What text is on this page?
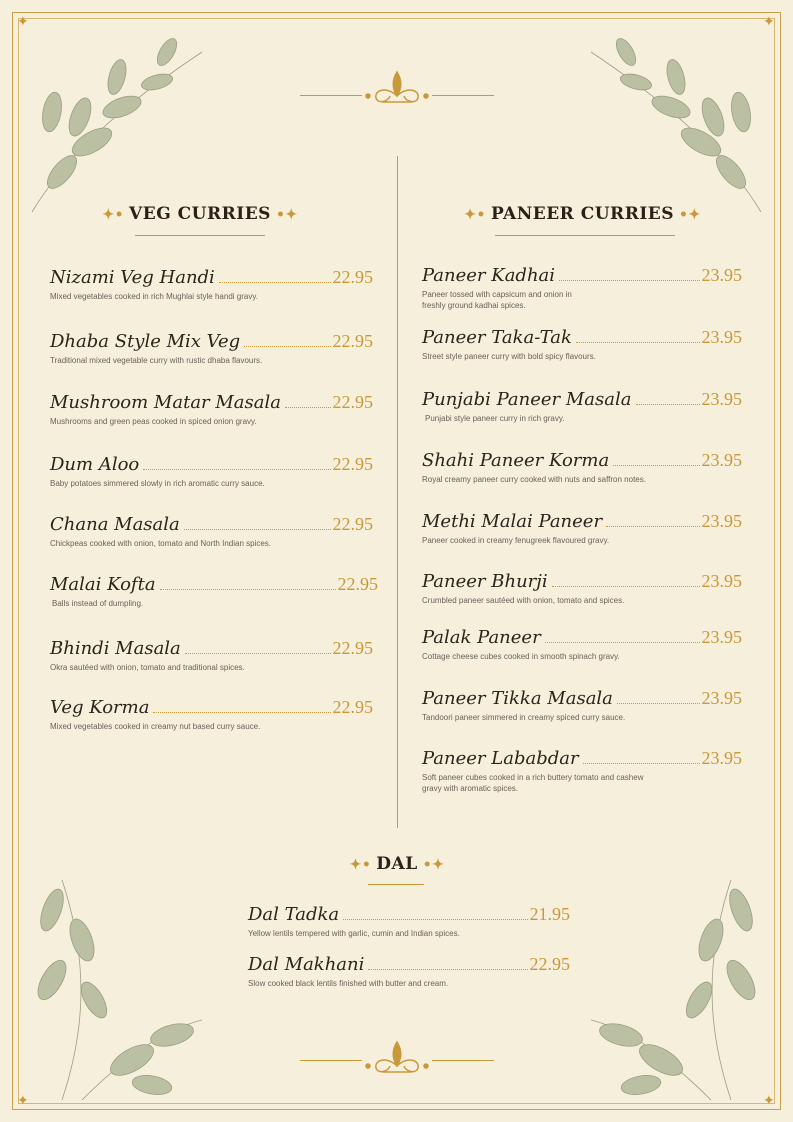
✦	✦
✦	✦
✦• VEG CURRIES •✦	✦• PANEER CURRIES •✦
Nizami Veg Handi	22.95
Mixed vegetables cooked in rich Mughlai style handi gravy.
Dhaba Style Mix Veg	22.95
Traditional mixed vegetable curry with rustic dhaba flavours.
Mushroom Matar Masala	22.95
Mushrooms and green peas cooked in spiced onion gravy.
Dum Aloo	22.95
Baby potatoes simmered slowly in rich aromatic curry sauce.
Chana Masala	22.95
Chickpeas cooked with onion, tomato and North Indian spices.
Malai Kofta	22.95
Balls instead of dumpling.
Bhindi Masala	22.95
Okra sautéed with onion, tomato and traditional spices.
Veg Korma	22.95
Mixed vegetables cooked in creamy nut based curry sauce.
Paneer Kadhai	23.95
Paneer tossed with capsicum and onion in
freshly ground kadhai spices.
Paneer Taka-Tak	23.95
Street style paneer curry with bold spicy flavours.
Punjabi Paneer Masala	23.95
Punjabi style paneer curry in rich gravy.
Shahi Paneer Korma	23.95
Royal creamy paneer curry cooked with nuts and saffron notes.
Methi Malai Paneer	23.95
Paneer cooked in creamy fenugreek flavoured gravy.
Paneer Bhurji	23.95
Crumbled paneer sautéed with onion, tomato and spices.
Palak Paneer	23.95
Cottage cheese cubes cooked in smooth spinach gravy.
Paneer Tikka Masala	23.95
Tandoori paneer simmered in creamy spiced curry sauce.
Paneer Lababdar	23.95
Soft paneer cubes cooked in a rich buttery tomato and cashew
gravy with aromatic spices.
✦• DAL •✦
Dal Tadka	21.95
Yellow lentils tempered with garlic, cumin and Indian spices.
Dal Makhani	22.95
Slow cooked black lentils finished with butter and cream.
